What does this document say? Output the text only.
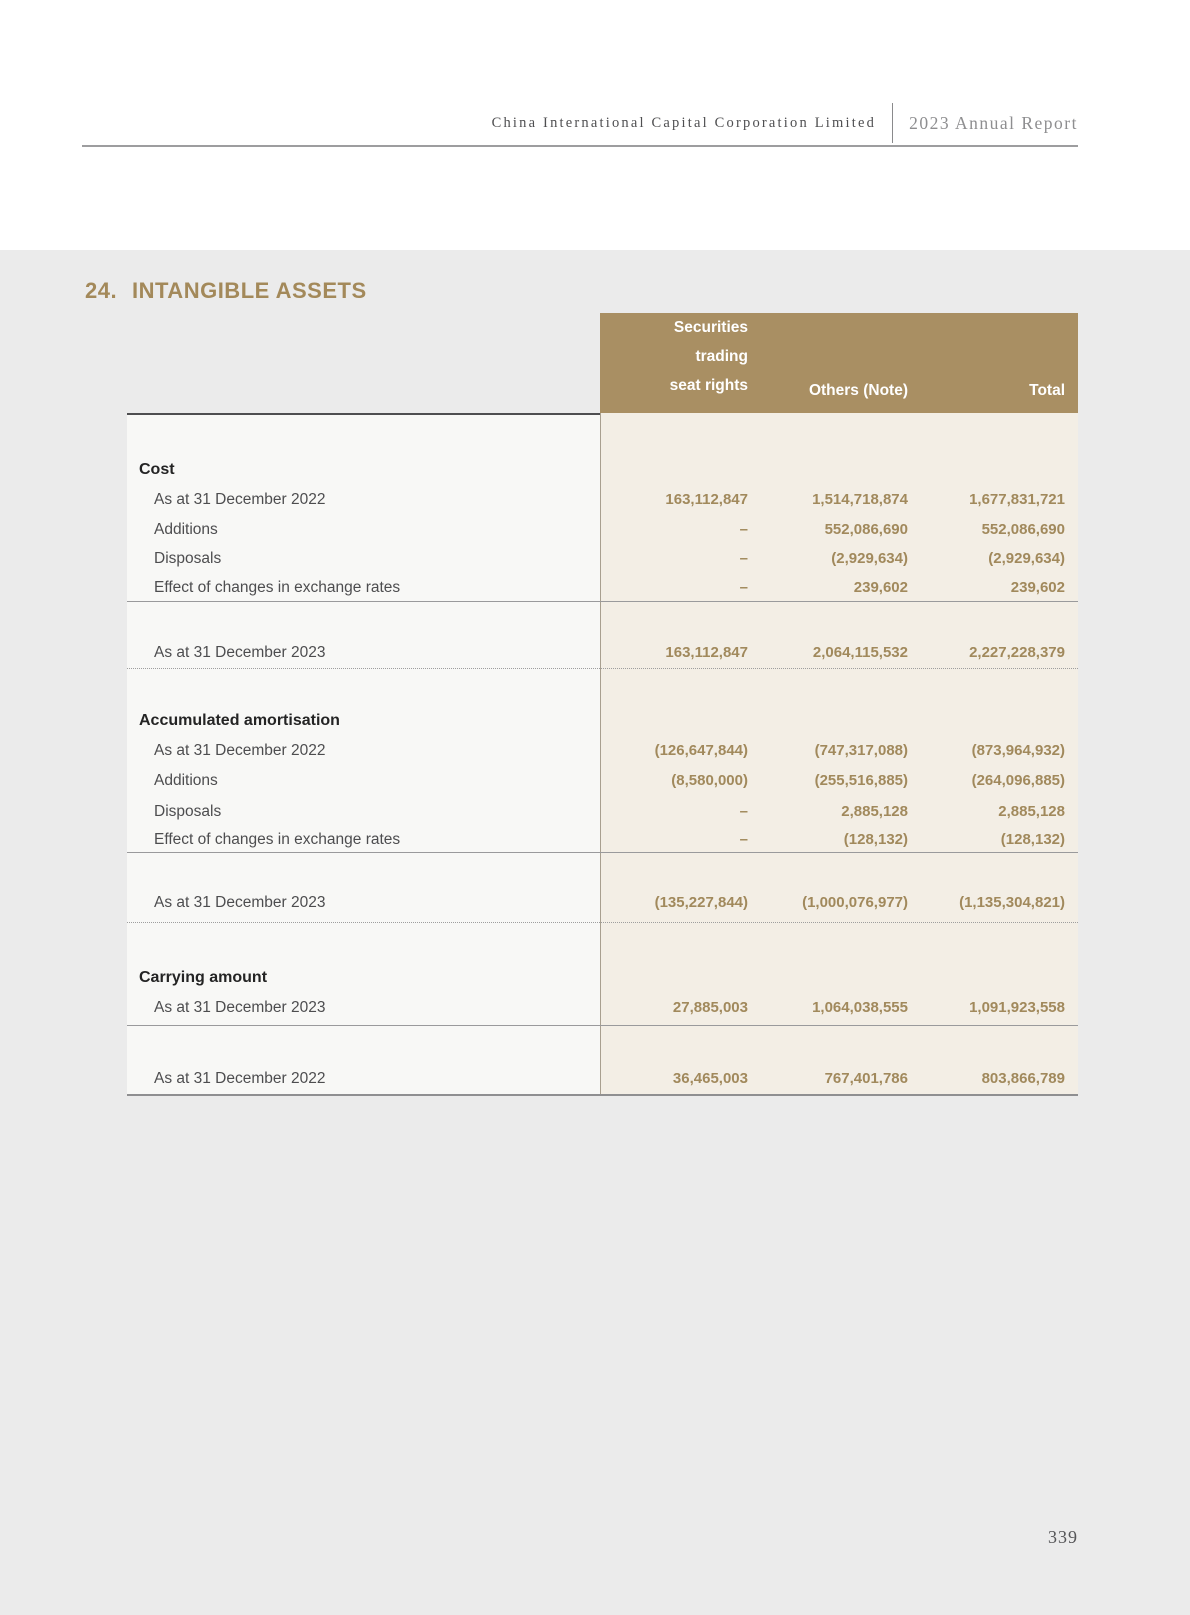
China International Capital Corporation Limited	2023 Annual Report
24. INTANGIBLE ASSETS
Securities
trading
seat rights	Others (Note)	Total
Cost
As at 31 December 2022	163,112,847	1,514,718,874	1,677,831,721
Additions	–	552,086,690	552,086,690
Disposals	–	(2,929,634)	(2,929,634)
Effect of changes in exchange rates	–	239,602	239,602
As at 31 December 2023	163,112,847	2,064,115,532	2,227,228,379
Accumulated amortisation
As at 31 December 2022	(126,647,844)	(747,317,088)	(873,964,932)
Additions	(8,580,000)	(255,516,885)	(264,096,885)
Disposals	–	2,885,128	2,885,128
Effect of changes in exchange rates	–	(128,132)	(128,132)
As at 31 December 2023	(135,227,844)	(1,000,076,977)	(1,135,304,821)
Carrying amount
As at 31 December 2023	27,885,003	1,064,038,555	1,091,923,558
As at 31 December 2022	36,465,003	767,401,786	803,866,789
339
